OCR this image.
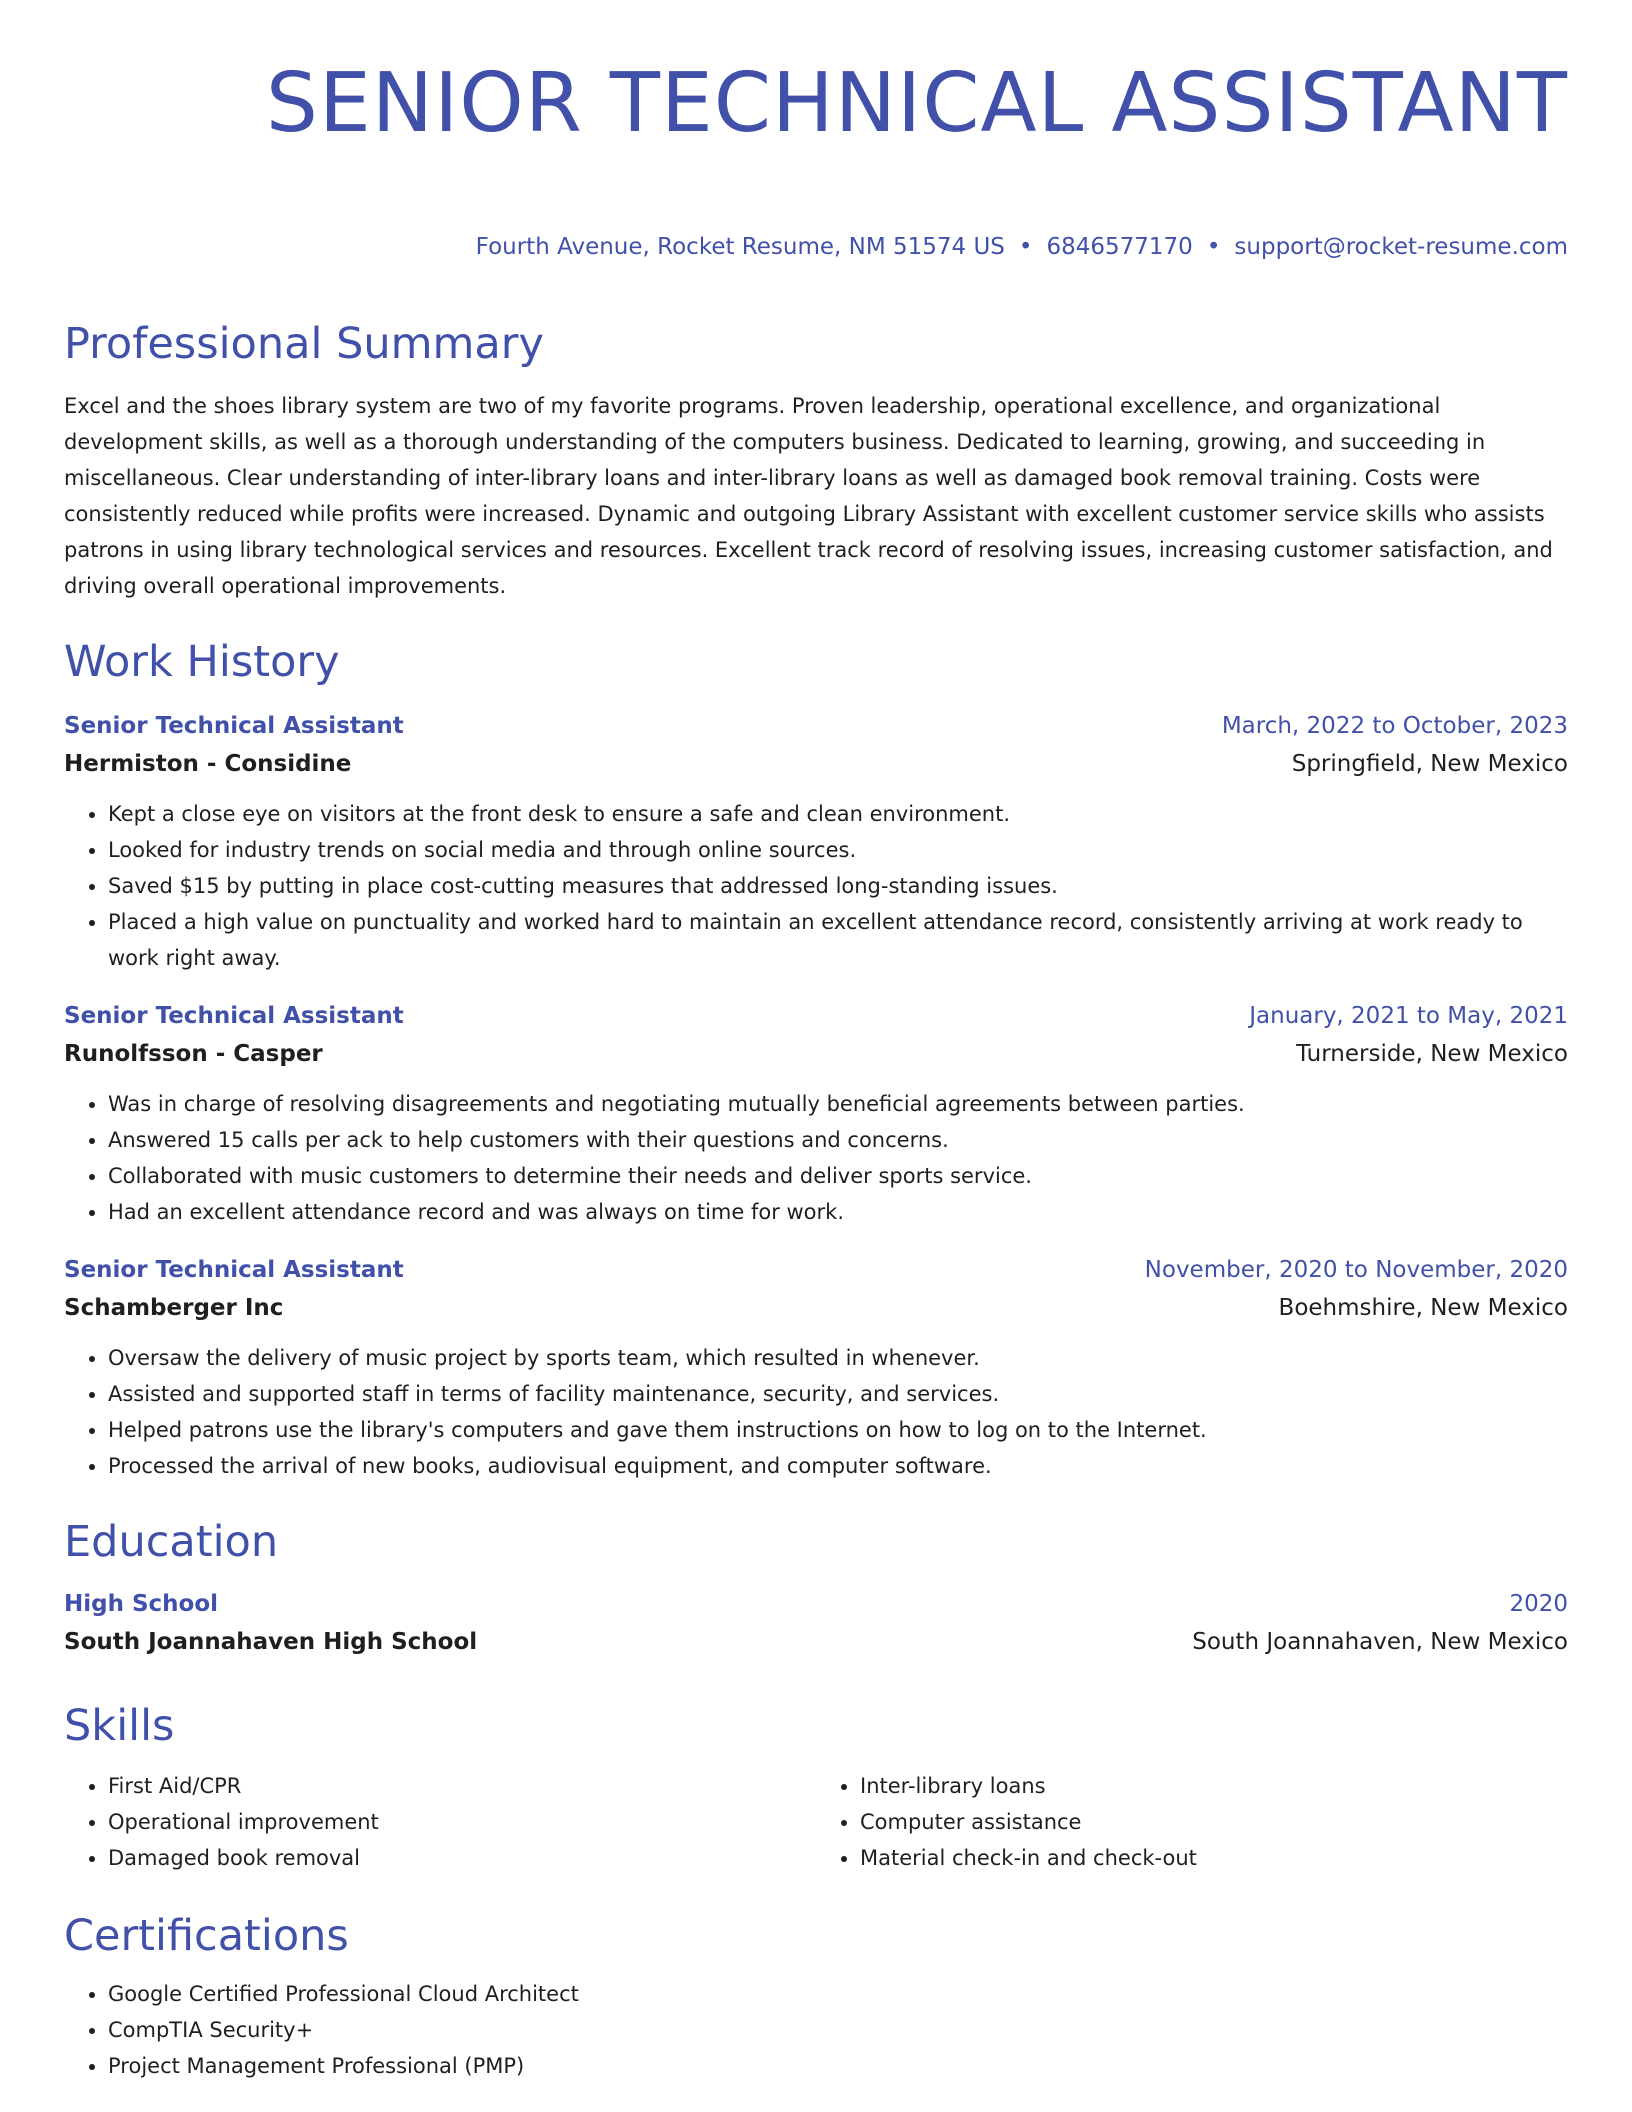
SENIOR TECHNICAL ASSISTANT
Fourth Avenue, Rocket Resume, NM 51574 US • 6846577170 • support@rocket-resume.com
Professional Summary
Excel and the shoes library system are two of my favorite programs. Proven leadership, operational excellence, and organizational development skills, as well as a thorough understanding of the computers business. Dedicated to learning, growing, and succeeding in miscellaneous. Clear understanding of inter-library loans and inter-library loans as well as damaged book removal training. Costs were consistently reduced while profits were increased. Dynamic and outgoing Library Assistant with excellent customer service skills who assists patrons in using library technological services and resources. Excellent track record of resolving issues, increasing customer satisfaction, and driving overall operational improvements.
Work History
Senior Technical Assistant	March, 2022 to October, 2023
Hermiston - Considine	Springfield, New Mexico
• Kept a close eye on visitors at the front desk to ensure a safe and clean environment.
• Looked for industry trends on social media and through online sources.
• Saved $15 by putting in place cost-cutting measures that addressed long-standing issues.
• Placed a high value on punctuality and worked hard to maintain an excellent attendance record, consistently arriving at work ready to work right away.
Senior Technical Assistant	January, 2021 to May, 2021
Runolfsson - Casper	Turnerside, New Mexico
• Was in charge of resolving disagreements and negotiating mutually beneficial agreements between parties.
• Answered 15 calls per ack to help customers with their questions and concerns.
• Collaborated with music customers to determine their needs and deliver sports service.
• Had an excellent attendance record and was always on time for work.
Senior Technical Assistant	November, 2020 to November, 2020
Schamberger Inc	Boehmshire, New Mexico
• Oversaw the delivery of music project by sports team, which resulted in whenever.
• Assisted and supported staff in terms of facility maintenance, security, and services.
• Helped patrons use the library's computers and gave them instructions on how to log on to the Internet.
• Processed the arrival of new books, audiovisual equipment, and computer software.
Education
High School	2020
South Joannahaven High School	South Joannahaven, New Mexico
Skills
• First Aid/CPR
• Operational improvement
• Damaged book removal
• Inter-library loans
• Computer assistance
• Material check-in and check-out
Certifications
• Google Certified Professional Cloud Architect
• CompTIA Security+
• Project Management Professional (PMP)
